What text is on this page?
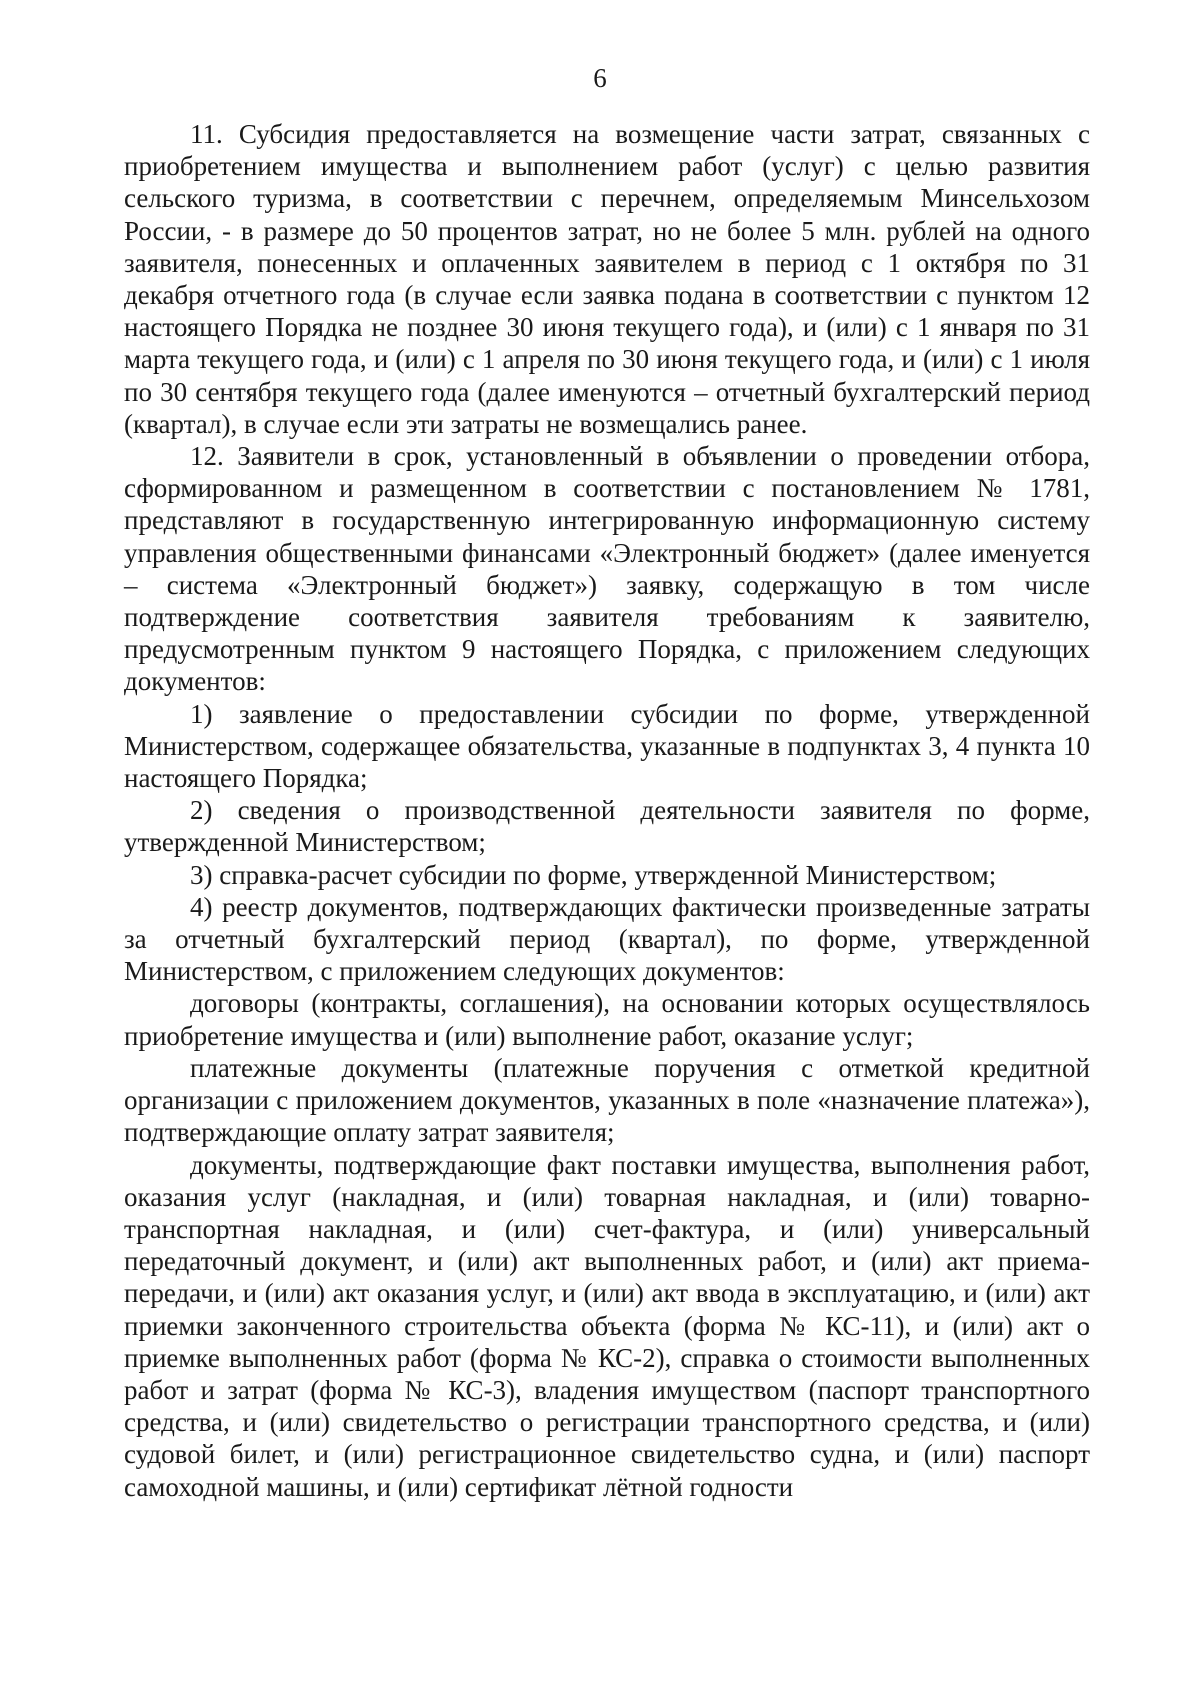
6

11. Субсидия предоставляется на возмещение части затрат, связанных с приобретением имущества и выполнением работ (услуг) с целью развития сельского туризма, в соответствии с перечнем, определяемым Минсельхозом России, - в размере до 50 процентов затрат, но не более 5 млн. рублей на одного заявителя, понесенных и оплаченных заявителем в период с 1 октября по 31 декабря отчетного года (в случае если заявка подана в соответствии с пунктом 12 настоящего Порядка не позднее 30 июня текущего года), и (или) с 1 января по 31 марта текущего года, и (или) с 1 апреля по 30 июня текущего года, и (или) с 1 июля по 30 сентября текущего года (далее именуются – отчетный бухгалтерский период (квартал), в случае если эти затраты не возмещались ранее.

12. Заявители в срок, установленный в объявлении о проведении отбора, сформированном и размещенном в соответствии с постановлением № 1781, представляют в государственную интегрированную информационную систему управления общественными финансами «Электронный бюджет» (далее именуется – система «Электронный бюджет») заявку, содержащую в том числе подтверждение соответствия заявителя требованиям к заявителю, предусмотренным пунктом 9 настоящего Порядка, с приложением следующих документов:

1) заявление о предоставлении субсидии по форме, утвержденной Министерством, содержащее обязательства, указанные в подпунктах 3, 4 пункта 10 настоящего Порядка;

2) сведения о производственной деятельности заявителя по форме, утвержденной Министерством;

3) справка-расчет субсидии по форме, утвержденной Министерством;

4) реестр документов, подтверждающих фактически произведенные затраты за отчетный бухгалтерский период (квартал), по форме, утвержденной Министерством, с приложением следующих документов:

договоры (контракты, соглашения), на основании которых осуществлялось приобретение имущества и (или) выполнение работ, оказание услуг;

платежные документы (платежные поручения с отметкой кредитной организации с приложением документов, указанных в поле «назначение платежа»), подтверждающие оплату затрат заявителя;

документы, подтверждающие факт поставки имущества, выполнения работ, оказания услуг (накладная, и (или) товарная накладная, и (или) товарно-транспортная накладная, и (или) счет-фактура, и (или) универсальный передаточный документ, и (или) акт выполненных работ, и (или) акт приема-передачи, и (или) акт оказания услуг, и (или) акт ввода в эксплуатацию, и (или) акт приемки законченного строительства объекта (форма № КС-11), и (или) акт о приемке выполненных работ (форма № КС-2), справка о стоимости выполненных работ и затрат (форма № КС-3), владения имуществом (паспорт транспортного средства, и (или) свидетельство о регистрации транспортного средства, и (или) судовой билет, и (или) регистрационное свидетельство судна, и (или) паспорт самоходной машины, и (или) сертификат лётной годности
